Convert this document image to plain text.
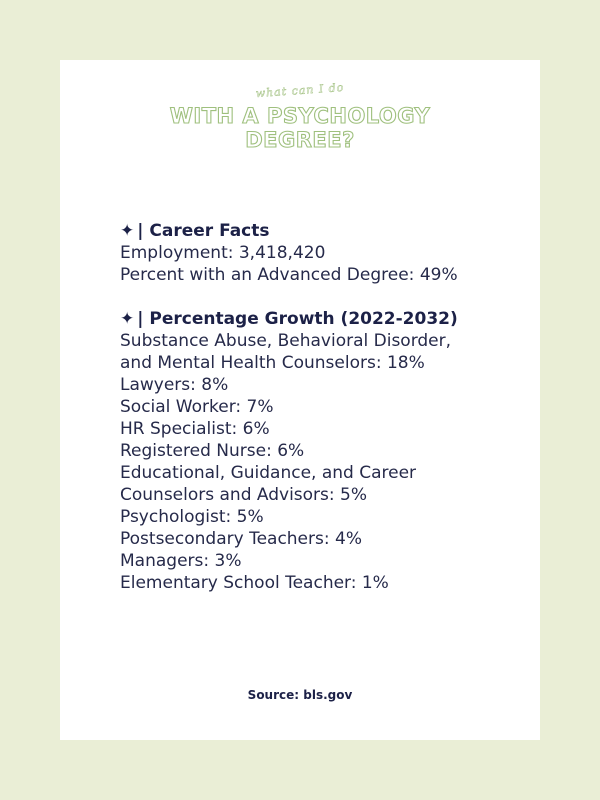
what can I do
WITH A PSYCHOLOGY
DEGREE?
✦ | Career Facts
Employment: 3,418,420
Percent with an Advanced Degree: 49%
✦ | Percentage Growth (2022-2032)
Substance Abuse, Behavioral Disorder,
and Mental Health Counselors: 18%
Lawyers: 8%
Social Worker: 7%
HR Specialist: 6%
Registered Nurse: 6%
Educational, Guidance, and Career
Counselors and Advisors: 5%
Psychologist: 5%
Postsecondary Teachers: 4%
Managers: 3%
Elementary School Teacher: 1%
Source: bls.gov
